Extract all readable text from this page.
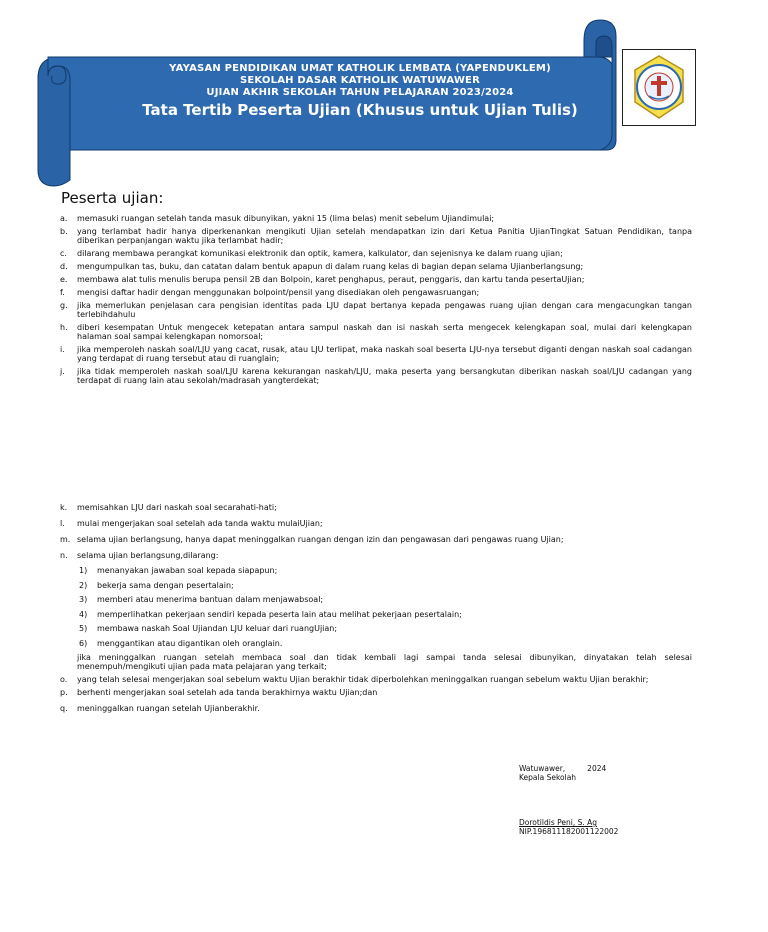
YAYASAN PENDIDIKAN UMAT KATHOLIK LEMBATA (YAPENDUKLEM)
SEKOLAH DASAR KATHOLIK WATUWAWER
UJIAN AKHIR SEKOLAH TAHUN PELAJARAN 2023/2024
Tata Tertib Peserta Ujian (Khusus untuk Ujian Tulis)
Peserta ujian:
a. memasuki ruangan setelah tanda masuk dibunyikan, yakni 15 (lima belas) menit sebelum Ujiandimulai;
b. yang terlambat hadir hanya diperkenankan mengikuti Ujian setelah mendapatkan izin dari Ketua Panitia UjianTingkat Satuan Pendidikan, tanpa diberikan perpanjangan waktu jika terlambat hadir;
c. dilarang membawa perangkat komunikasi elektronik dan optik, kamera, kalkulator, dan sejenisnya ke dalam ruang ujian;
d. mengumpulkan tas, buku, dan catatan dalam bentuk apapun di dalam ruang kelas di bagian depan selama Ujianberlangsung;
e. membawa alat tulis menulis berupa pensil 2B dan Bolpoin, karet penghapus, peraut, penggaris, dan kartu tanda pesertaUjian;
f. mengisi daftar hadir dengan menggunakan bolpoint/pensil yang disediakan oleh pengawasruangan;
g. jika memerlukan penjelasan cara pengisian identitas pada LJU dapat bertanya kepada pengawas ruang ujian dengan cara mengacungkan tangan terlebihdahulu
h. diberi kesempatan Untuk mengecek ketepatan antara sampul naskah dan isi naskah serta mengecek kelengkapan soal, mulai dari kelengkapan halaman soal sampai kelengkapan nomorsoal;
i. jika memperoleh naskah soal/LJU yang cacat, rusak, atau LJU terlipat, maka naskah soal beserta LJU-nya tersebut diganti dengan naskah soal cadangan yang terdapat di ruang tersebut atau di ruanglain;
j. jika tidak memperoleh naskah soal/LJU karena kekurangan naskah/LJU, maka peserta yang bersangkutan diberikan naskah soal/LJU cadangan yang terdapat di ruang lain atau sekolah/madrasah yangterdekat;
k. memisahkan LJU dari naskah soal secarahati-hati;
l. mulai mengerjakan soal setelah ada tanda waktu mulaiUjian;
m. selama ujian berlangsung, hanya dapat meninggalkan ruangan dengan izin dan pengawasan dari pengawas ruang Ujian;
n. selama ujian berlangsung,dilarang:
1) menanyakan jawaban soal kepada siapapun;
2) bekerja sama dengan pesertalain;
3) memberi atau menerima bantuan dalam menjawabsoal;
4) memperlihatkan pekerjaan sendiri kepada peserta lain atau melihat pekerjaan pesertalain;
5) membawa naskah Soal Ujiandan LJU keluar dari ruangUjian;
6) menggantikan atau digantikan oleh oranglain.
jika meninggalkan ruangan setelah membaca soal dan tidak kembali lagi sampai tanda selesai dibunyikan, dinyatakan telah selesai menempuh/mengikuti ujian pada mata pelajaran yang terkait;
o. yang telah selesai mengerjakan soal sebelum waktu Ujian berakhir tidak diperbolehkan meninggalkan ruangan sebelum waktu Ujian berakhir;
p. berhenti mengerjakan soal setelah ada tanda berakhirnya waktu Ujian;dan
q. meninggalkan ruangan setelah Ujianberakhir.
Watuwawer,	2024
Kepala Sekolah
Dorotildis Peni, S. Ag
NIP.196811182001122002
